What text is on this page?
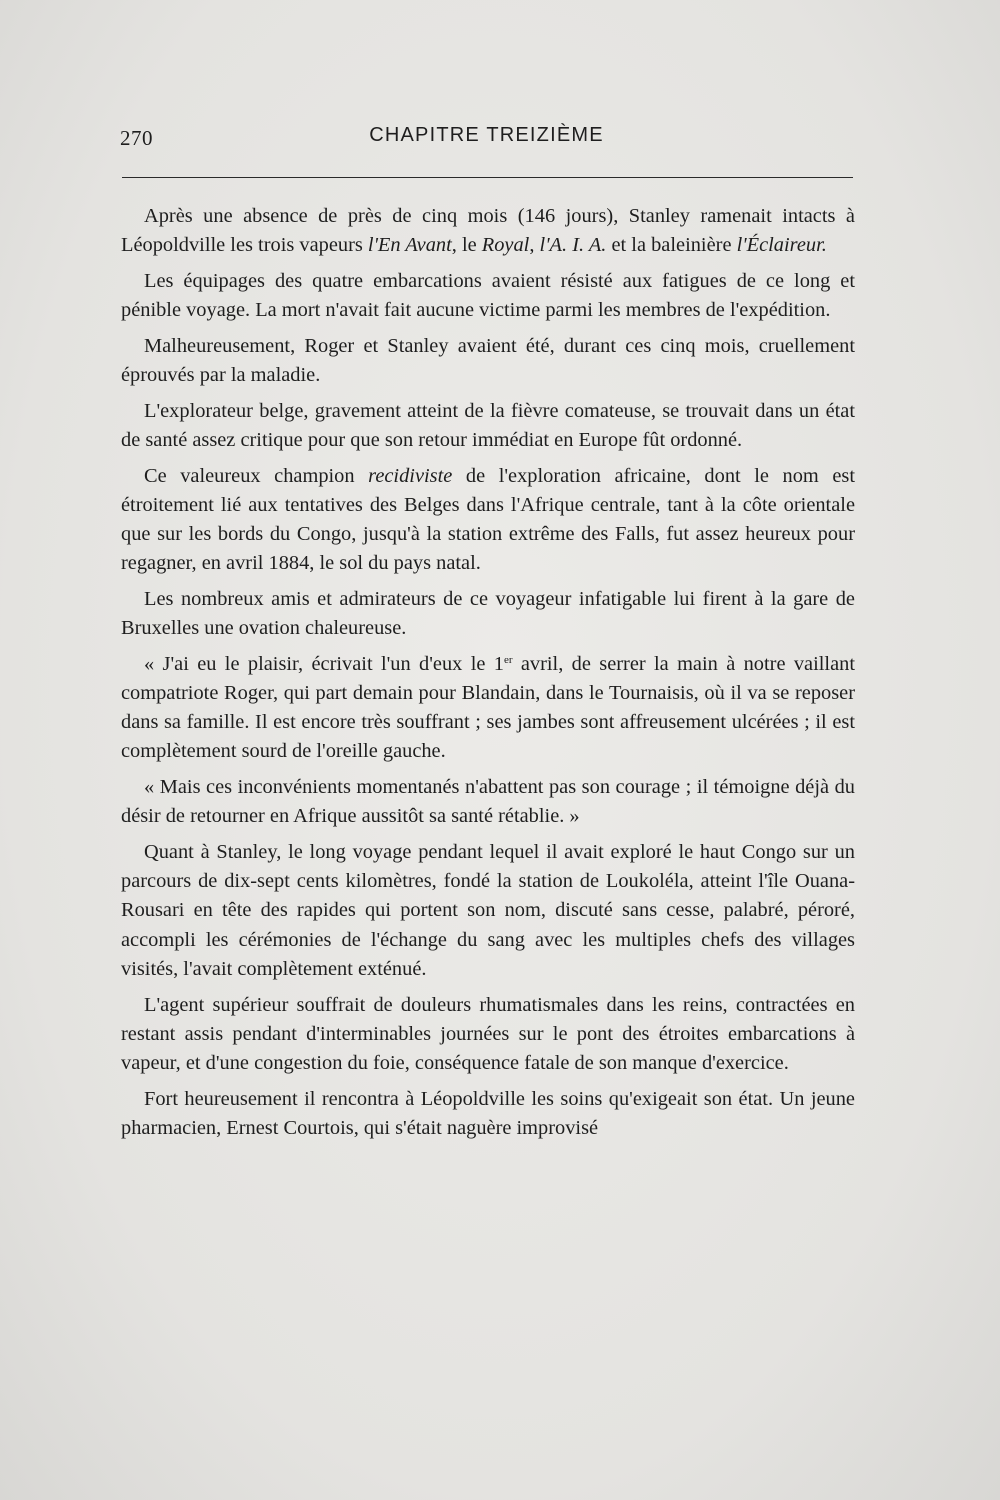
270	CHAPITRE TREIZIÈME

Après une absence de près de cinq mois (146 jours), Stanley ramenait intacts à Léopoldville les trois vapeurs l'En Avant, le Royal, l'A. I. A. et la baleinière l'Éclaireur.

Les équipages des quatre embarcations avaient résisté aux fatigues de ce long et pénible voyage. La mort n'avait fait aucune victime parmi les membres de l'expédition.

Malheureusement, Roger et Stanley avaient été, durant ces cinq mois, cruellement éprouvés par la maladie.

L'explorateur belge, gravement atteint de la fièvre comateuse, se trouvait dans un état de santé assez critique pour que son retour immédiat en Europe fût ordonné.

Ce valeureux champion recidiviste de l'exploration africaine, dont le nom est étroitement lié aux tentatives des Belges dans l'Afrique centrale, tant à la côte orientale que sur les bords du Congo, jusqu'à la station extrême des Falls, fut assez heureux pour regagner, en avril 1884, le sol du pays natal.

Les nombreux amis et admirateurs de ce voyageur infatigable lui firent à la gare de Bruxelles une ovation chaleureuse.

« J'ai eu le plaisir, écrivait l'un d'eux le 1er avril, de serrer la main à notre vaillant compatriote Roger, qui part demain pour Blandain, dans le Tournaisis, où il va se reposer dans sa famille. Il est encore très souffrant ; ses jambes sont affreusement ulcérées ; il est complètement sourd de l'oreille gauche.

« Mais ces inconvénients momentanés n'abattent pas son courage ; il témoigne déjà du désir de retourner en Afrique aussitôt sa santé rétablie. »

Quant à Stanley, le long voyage pendant lequel il avait exploré le haut Congo sur un parcours de dix-sept cents kilomètres, fondé la station de Loukoléla, atteint l'île Ouana-Rousari en tête des rapides qui portent son nom, discuté sans cesse, palabré, péroré, accompli les cérémonies de l'échange du sang avec les multiples chefs des villages visités, l'avait complètement exténué.

L'agent supérieur souffrait de douleurs rhumatismales dans les reins, contractées en restant assis pendant d'interminables journées sur le pont des étroites embarcations à vapeur, et d'une congestion du foie, conséquence fatale de son manque d'exercice.

Fort heureusement il rencontra à Léopoldville les soins qu'exigeait son état. Un jeune pharmacien, Ernest Courtois, qui s'était naguère improvisé
